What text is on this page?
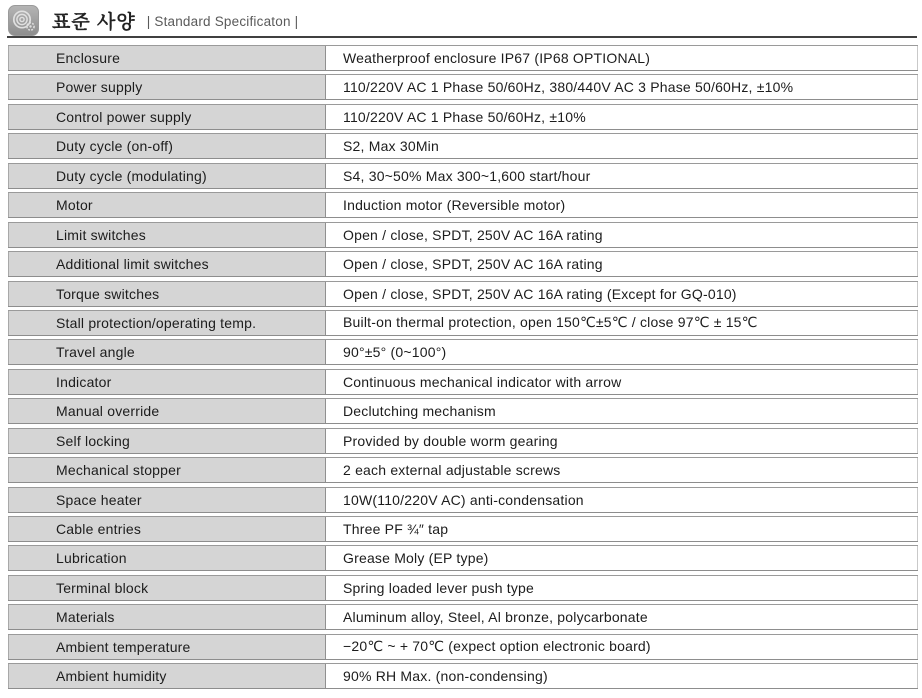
표준 사양 | Standard Specificaton |
Enclosure	Weatherproof enclosure IP67 (IP68 OPTIONAL)
Power supply	110/220V AC 1 Phase 50/60Hz, 380/440V AC 3 Phase 50/60Hz, ±10%
Control power supply	110/220V AC 1 Phase 50/60Hz, ±10%
Duty cycle (on-off)	S2, Max 30Min
Duty cycle (modulating)	S4, 30~50% Max 300~1,600 start/hour
Motor	Induction motor (Reversible motor)
Limit switches	Open / close, SPDT, 250V AC 16A rating
Additional limit switches	Open / close, SPDT, 250V AC 16A rating
Torque switches	Open / close, SPDT, 250V AC 16A rating (Except for GQ-010)
Stall protection/operating temp.	Built-on thermal protection, open 150℃±5℃ / close 97℃ ± 15℃
Travel angle	90°±5° (0~100°)
Indicator	Continuous mechanical indicator with arrow
Manual override	Declutching mechanism
Self locking	Provided by double worm gearing
Mechanical stopper	2 each external adjustable screws
Space heater	10W(110/220V AC) anti-condensation
Cable entries	Three PF ¾″ tap
Lubrication	Grease Moly (EP type)
Terminal block	Spring loaded lever push type
Materials	Aluminum alloy, Steel, Al bronze, polycarbonate
Ambient temperature	−20℃ ~ + 70℃ (expect option electronic board)
Ambient humidity	90% RH Max. (non-condensing)
